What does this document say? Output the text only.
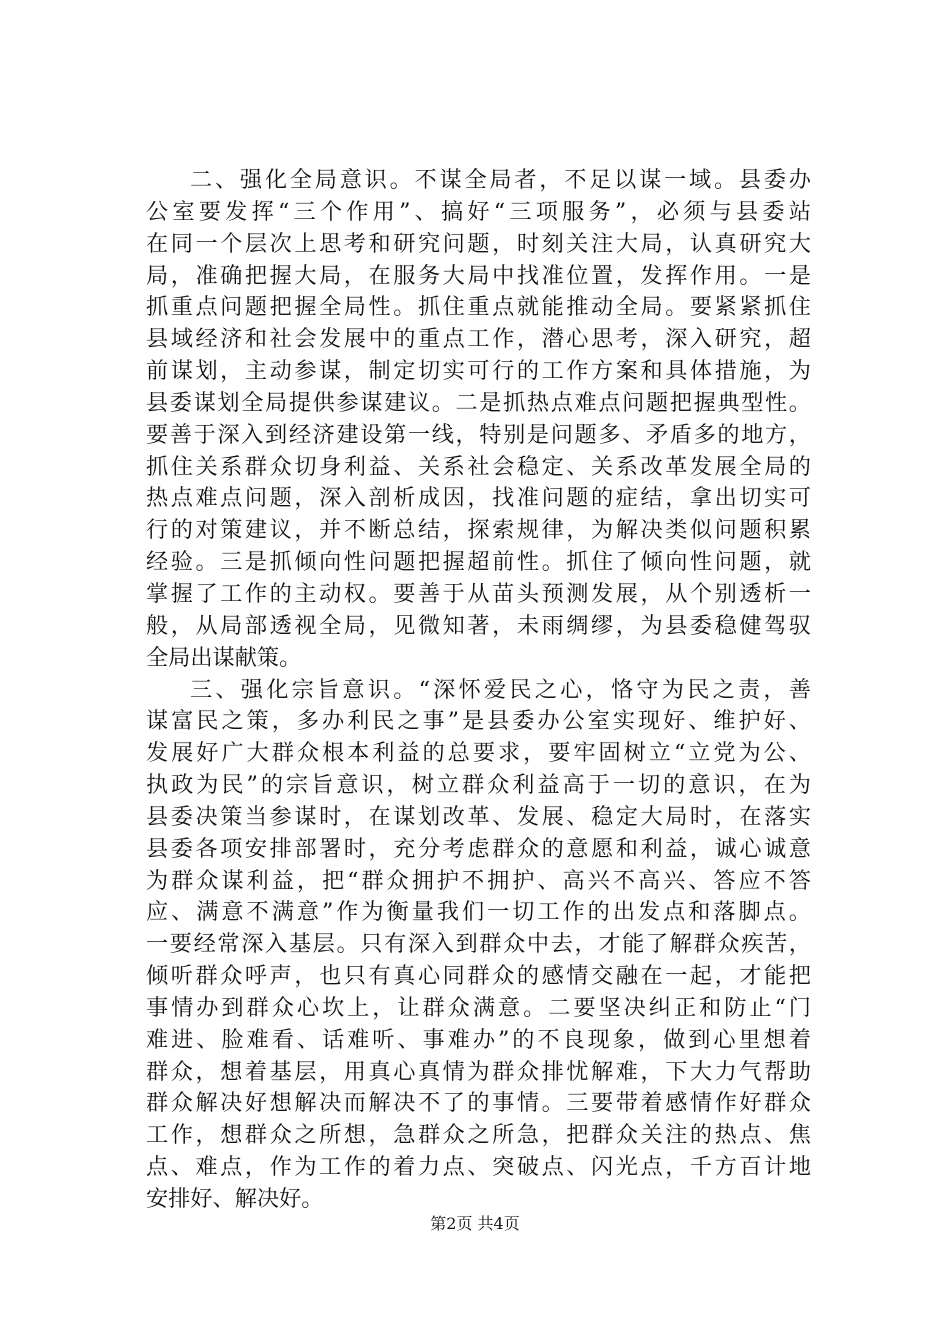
二、强化全局意识。不谋全局者，不足以谋一域。县委办
公室要发挥“三个作用”、搞好“三项服务”，必须与县委站
在同一个层次上思考和研究问题，时刻关注大局，认真研究大
局，准确把握大局，在服务大局中找准位置，发挥作用。一是
抓重点问题把握全局性。抓住重点就能推动全局。要紧紧抓住
县域经济和社会发展中的重点工作，潜心思考，深入研究，超
前谋划，主动参谋，制定切实可行的工作方案和具体措施，为
县委谋划全局提供参谋建议。二是抓热点难点问题把握典型性。
要善于深入到经济建设第一线，特别是问题多、矛盾多的地方，
抓住关系群众切身利益、关系社会稳定、关系改革发展全局的
热点难点问题，深入剖析成因，找准问题的症结，拿出切实可
行的对策建议，并不断总结，探索规律，为解决类似问题积累
经验。三是抓倾向性问题把握超前性。抓住了倾向性问题，就
掌握了工作的主动权。要善于从苗头预测发展，从个别透析一
般，从局部透视全局，见微知著，未雨绸缪，为县委稳健驾驭
全局出谋献策。
三、强化宗旨意识。“深怀爱民之心，恪守为民之责，善
谋富民之策，多办利民之事”是县委办公室实现好、维护好、
发展好广大群众根本利益的总要求，要牢固树立“立党为公、
执政为民”的宗旨意识，树立群众利益高于一切的意识，在为
县委决策当参谋时，在谋划改革、发展、稳定大局时，在落实
县委各项安排部署时，充分考虑群众的意愿和利益，诚心诚意
为群众谋利益，把“群众拥护不拥护、高兴不高兴、答应不答
应、满意不满意”作为衡量我们一切工作的出发点和落脚点。
一要经常深入基层。只有深入到群众中去，才能了解群众疾苦，
倾听群众呼声，也只有真心同群众的感情交融在一起，才能把
事情办到群众心坎上，让群众满意。二要坚决纠正和防止“门
难进、脸难看、话难听、事难办”的不良现象，做到心里想着
群众，想着基层，用真心真情为群众排忧解难，下大力气帮助
群众解决好想解决而解决不了的事情。三要带着感情作好群众
工作，想群众之所想，急群众之所急，把群众关注的热点、焦
点、难点，作为工作的着力点、突破点、闪光点，千方百计地
安排好、解决好。
第2页 共4页
